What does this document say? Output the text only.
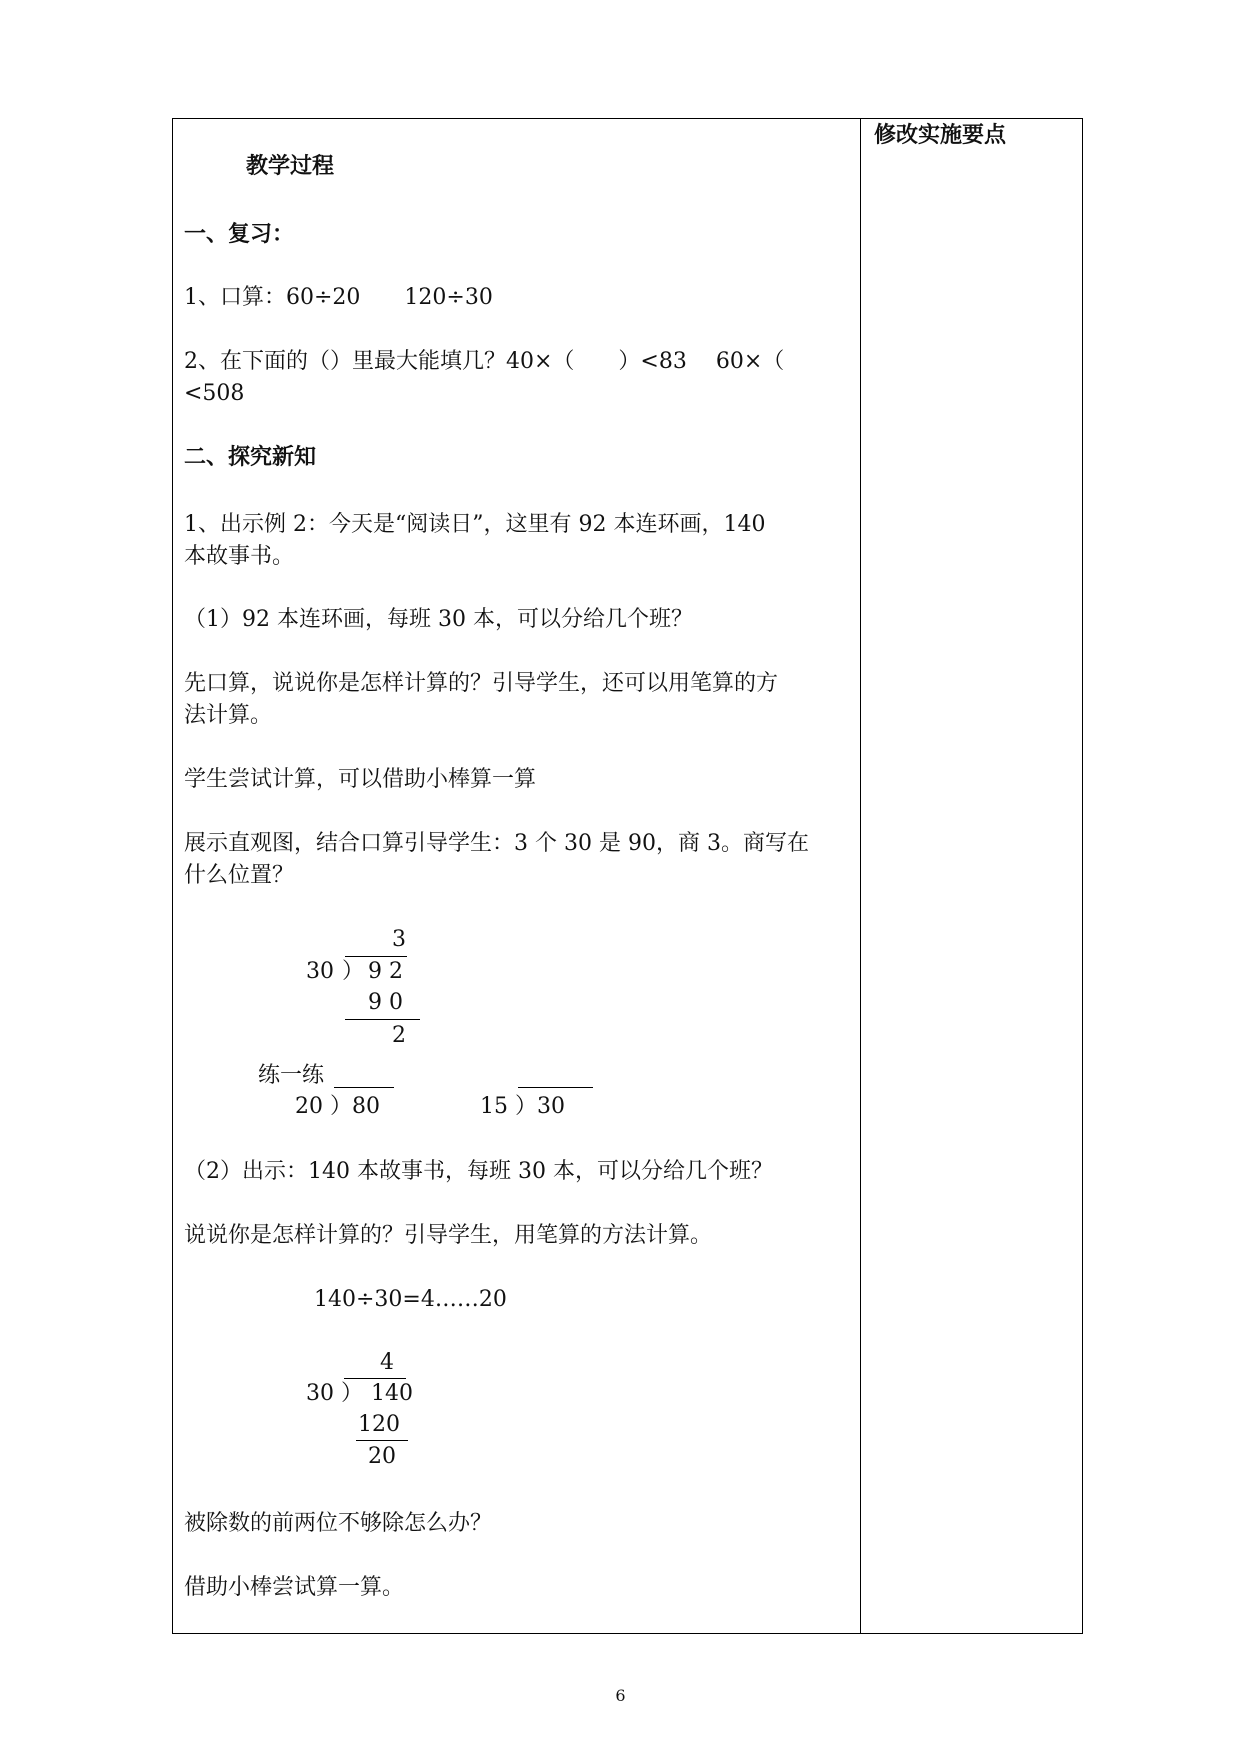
修改实施要点
教学过程
一、复习：
1、口算：60÷20　　120÷30
2、在下面的（）里最大能填几？40×（　　）<83　 60×（
<508
二、探究新知
1、出示例 2：今天是“阅读日”，这里有 92 本连环画，140
本故事书。
（1）92 本连环画，每班 30 本，可以分给几个班？
先口算，说说你是怎样计算的？引导学生，还可以用笔算的方
法计算。
学生尝试计算，可以借助小棒算一算
展示直观图，结合口算引导学生：3 个 30 是 90，商 3。商写在
什么位置？
3
30 ） 9 2
9 0
2
练一练
20 ）80	15 ）30
（2）出示：140 本故事书，每班 30 本，可以分给几个班？
说说你是怎样计算的？引导学生，用笔算的方法计算。
140÷30=4……20
4
30 ） 140
120
20
被除数的前两位不够除怎么办？
借助小棒尝试算一算。
6
